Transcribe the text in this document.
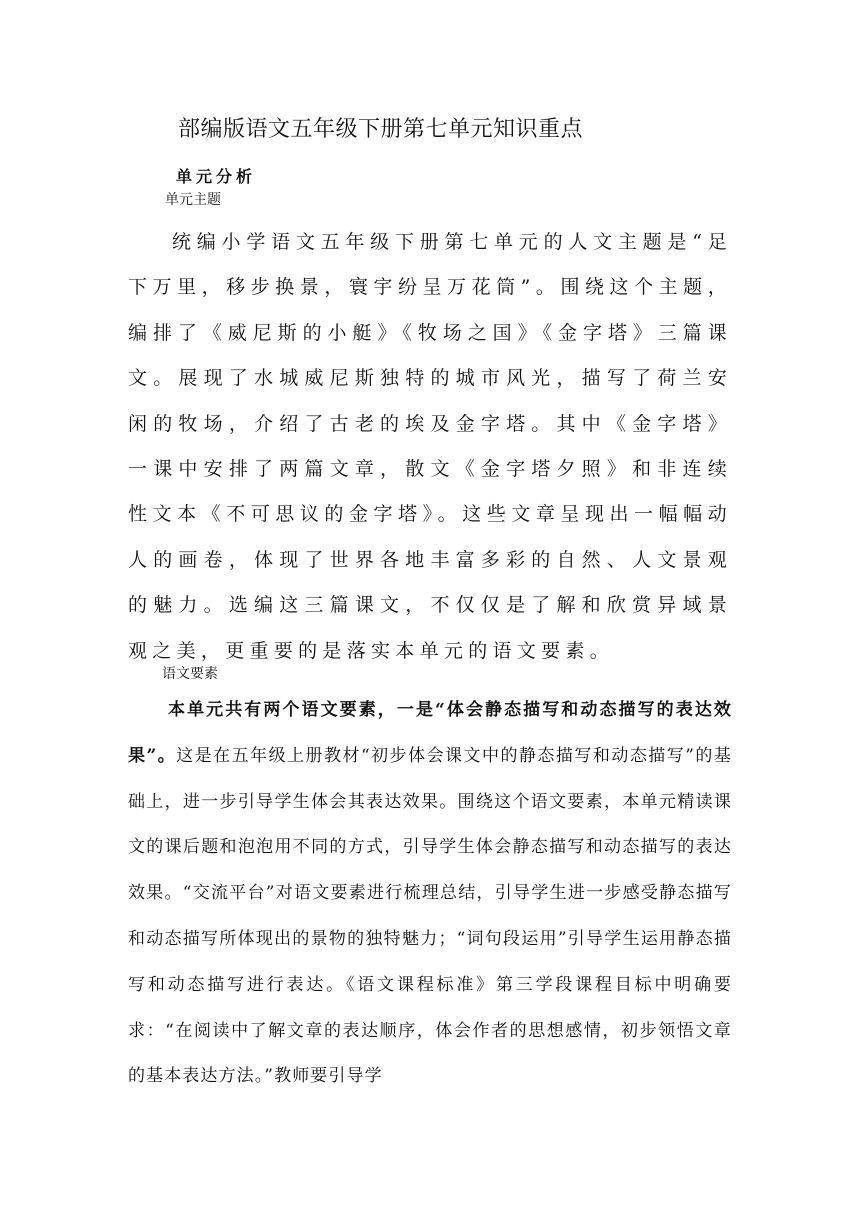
部编版语文五年级下册第七单元知识重点
单元分析
单元主题
统编小学语文五年级下册第七单元的人文主题是“足下万里，移步换景，寰宇纷呈万花筒”。围绕这个主题，编排了《威尼斯的小艇》《牧场之国》《金字塔》三篇课文。展现了水城威尼斯独特的城市风光，描写了荷兰安闲的牧场，介绍了古老的埃及金字塔。其中《金字塔》一课中安排了两篇文章，散文《金字塔夕照》和非连续性文本《不可思议的金字塔》。这些文章呈现出一幅幅动人的画卷，体现了世界各地丰富多彩的自然、人文景观的魅力。选编这三篇课文，不仅仅是了解和欣赏异域景观之美，更重要的是落实本单元的语文要素。
语文要素
本单元共有两个语文要素，一是“体会静态描写和动态描写的表达效果”。这是在五年级上册教材“初步体会课文中的静态描写和动态描写”的基础上，进一步引导学生体会其表达效果。围绕这个语文要素，本单元精读课文的课后题和泡泡用不同的方式，引导学生体会静态描写和动态描写的表达效果。“交流平台”对语文要素进行梳理总结，引导学生进一步感受静态描写和动态描写所体现出的景物的独特魅力；“词句段运用”引导学生运用静态描写和动态描写进行表达。《语文课程标准》第三学段课程目标中明确要求：“在阅读中了解文章的表达顺序，体会作者的思想感情，初步领悟文章的基本表达方法。”教师要引导学
